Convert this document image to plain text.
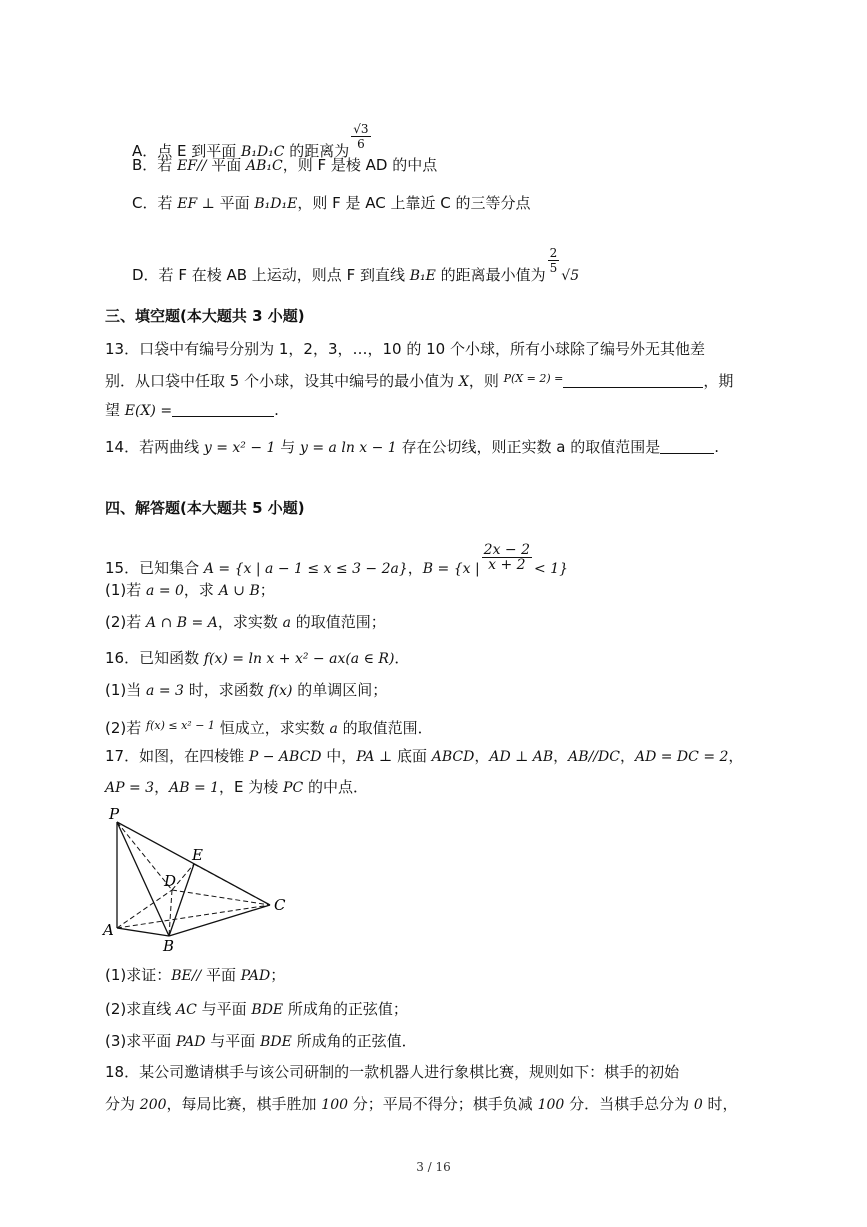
A．点 E 到平面 B₁D₁C 的距离为 $\frac{√3}{6}$
B．若 EF// 平面 AB₁C，则 F 是棱 AD 的中点
C．若 EF ⊥ 平面 B₁D₁E，则 F 是 AC 上靠近 C 的三等分点
D．若 F 在棱 AB 上运动，则点 F 到直线 B₁E 的距离最小值为 $\frac{2}{5}$
√5
三、填空题(本大题共 3 小题)
13．口袋中有编号分别为 1，2，3，…，10 的 10 个小球，所有小球除了编号外无其他差
别．从口袋中任取 5 个小球，设其中编号的最小值为 X，则 $^{P(X = 2) =}$	，期
望 E(X) =	.
14．若两曲线 y = x² − 1 与 y = a ln x − 1 存在公切线，则正实数 a 的取值范围是	.
四、解答题(本大题共 5 小题)
15．已知集合 A = {x | a − 1 ≤ x ≤ 3 − 2a}，B = {x | $\frac{2x - 2}{x + 2} < 1$}
(1)若 a = 0，求 A ∪ B；
(2)若 A ∩ B = A，求实数 a 的取值范围；
16．已知函数 f(x) = ln x + x² − ax(a ∈ R)．
(1)当 a = 3 时，求函数 f(x) 的单调区间；
(2)若 $^{f(x) \le x^2 - 1}$ 恒成立，求实数 a 的取值范围．
17．如图，在四棱锥 P − ABCD 中，PA ⊥ 底面 ABCD，AD ⊥ AB，AB//DC，AD = DC = 2，
AP = 3，AB = 1，E 为棱 PC 的中点．
P
E
D
C
A
B
(1)求证：BE// 平面 PAD；
(2)求直线 AC 与平面 BDE 所成角的正弦值；
(3)求平面 PAD 与平面 BDE 所成角的正弦值．
18．某公司邀请棋手与该公司研制的一款机器人进行象棋比赛，规则如下：棋手的初始
分为 200，每局比赛，棋手胜加 100 分；平局不得分；棋手负减 100 分．当棋手总分为 0 时，
3 / 16
